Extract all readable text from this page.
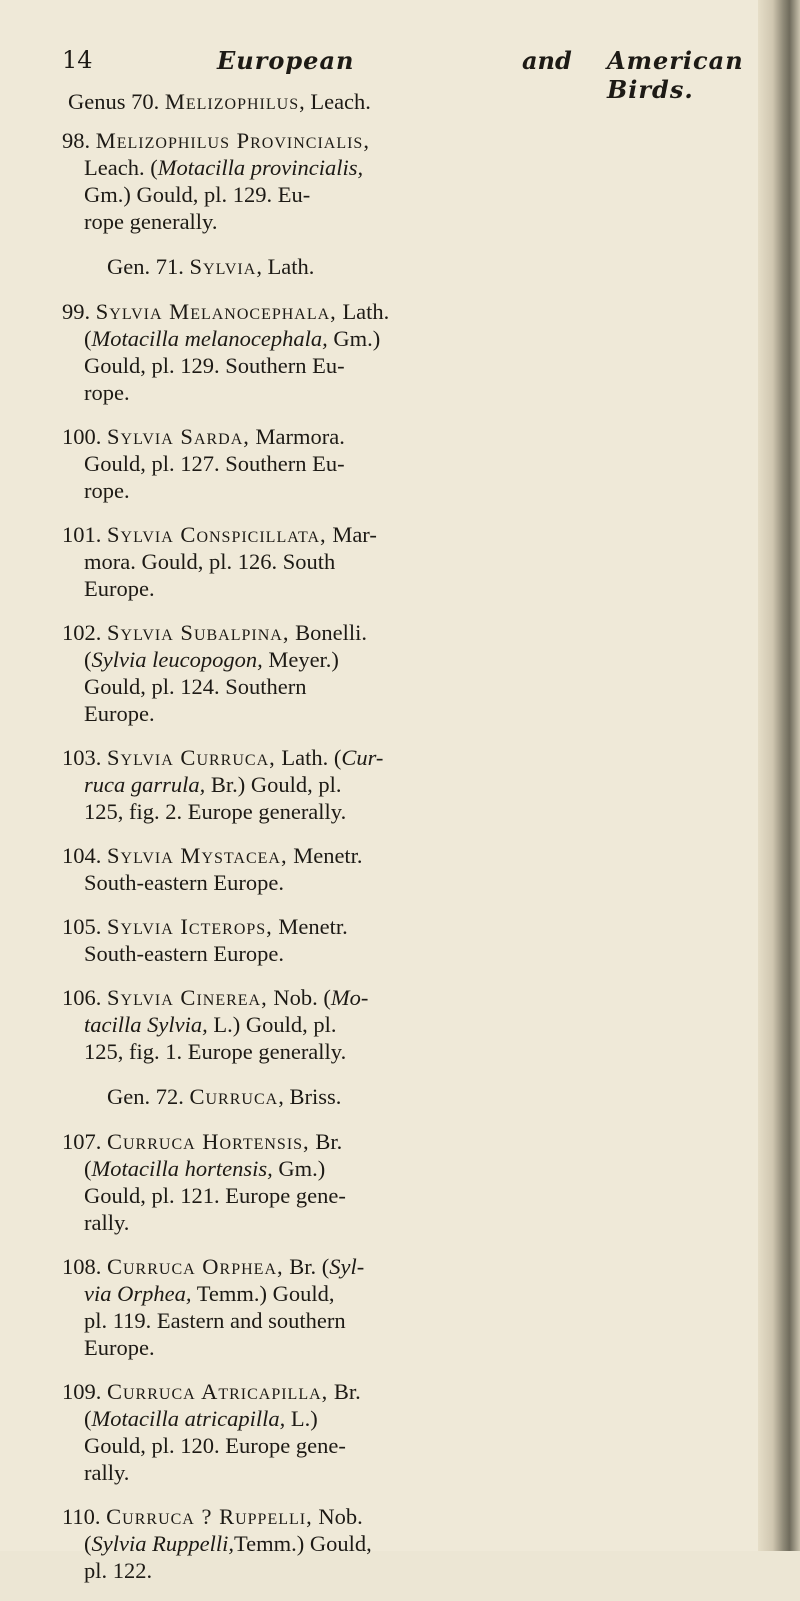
14	European	and American Birds.
Genus 70. Melizophilus, Leach.
98. Melizophilus Provincialis,
Leach. (Motacilla provincialis,
Gm.) Gould, pl. 129. Eu-
rope generally.
Gen. 71. Sylvia, Lath.
99. Sylvia Melanocephala, Lath.
(Motacilla melanocephala, Gm.)
Gould, pl. 129. Southern Eu-
rope.
100. Sylvia Sarda, Marmora.
Gould, pl. 127. Southern Eu-
rope.
101. Sylvia Conspicillata, Mar-
mora. Gould, pl. 126. South
Europe.
102. Sylvia Subalpina, Bonelli.
(Sylvia leucopogon, Meyer.)
Gould, pl. 124. Southern
Europe.
103. Sylvia Curruca, Lath. (Cur-
ruca garrula, Br.) Gould, pl.
125, fig. 2. Europe generally.
104. Sylvia Mystacea, Menetr.
South-eastern Europe.
105. Sylvia Icterops, Menetr.
South-eastern Europe.
106. Sylvia Cinerea, Nob. (Mo-
tacilla Sylvia, L.) Gould, pl.
125, fig. 1. Europe generally.
Gen. 72. Curruca, Briss.
107. Curruca Hortensis, Br.
(Motacilla hortensis, Gm.)
Gould, pl. 121. Europe gene-
rally.
108. Curruca Orphea, Br. (Syl-
via Orphea, Temm.) Gould,
pl. 119. Eastern and southern
Europe.
109. Curruca Atricapilla, Br.
(Motacilla atricapilla, L.)
Gould, pl. 120. Europe gene-
rally.
110. Curruca ? Ruppelli, Nob.
(Sylvia Ruppelli,Temm.) Gould,
pl. 122.
